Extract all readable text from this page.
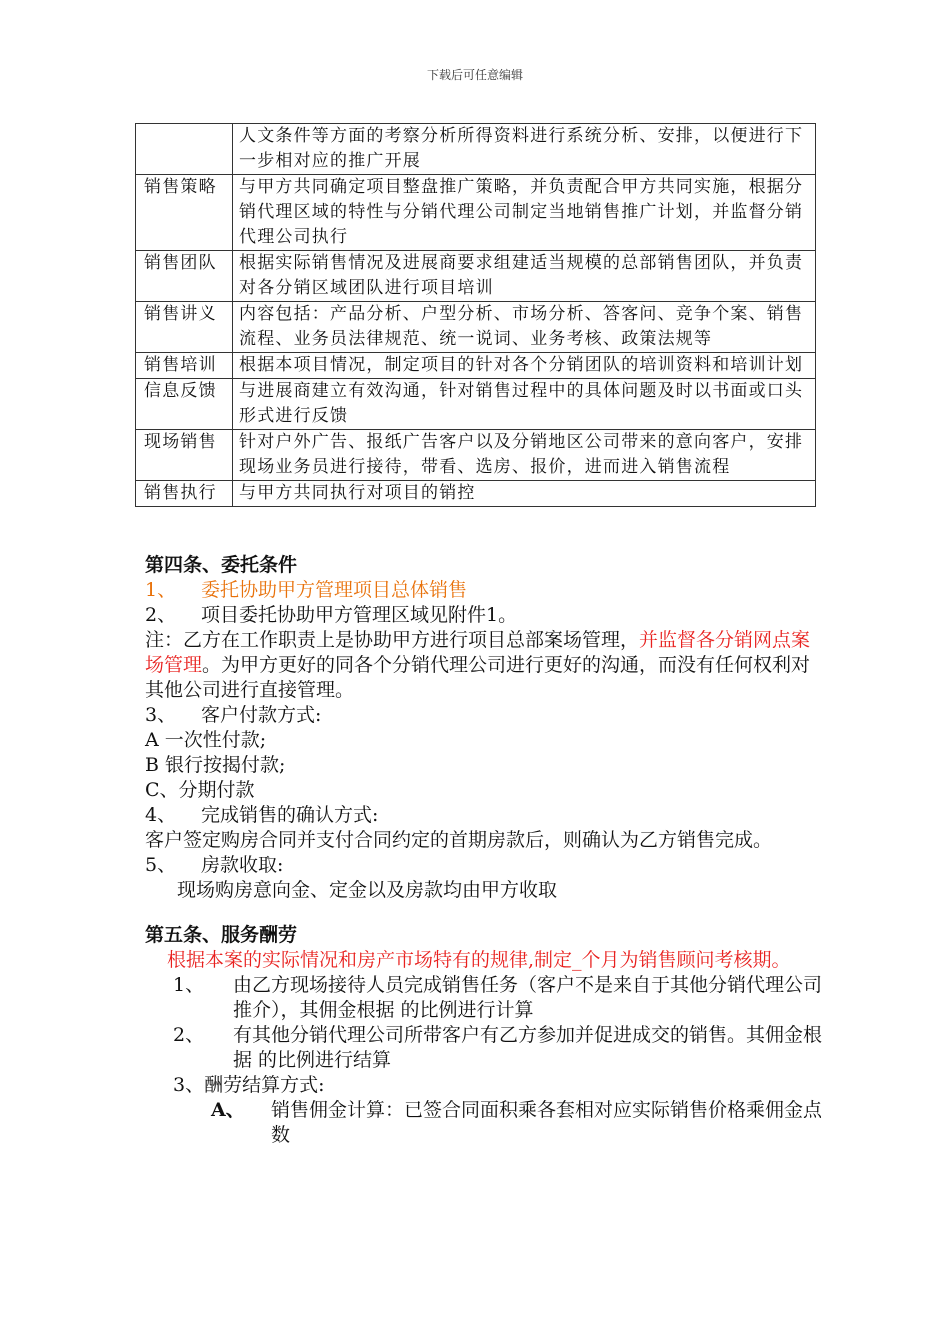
下载后可任意编辑
	人文条件等方面的考察分析所得资料进行系统分析、安排，以便进行下一步相对应的推广开展
销售策略	与甲方共同确定项目整盘推广策略，并负责配合甲方共同实施，根据分销代理区域的特性与分销代理公司制定当地销售推广计划，并监督分销代理公司执行
销售团队	根据实际销售情况及进展商要求组建适当规模的总部销售团队，并负责对各分销区域团队进行项目培训
销售讲义	内容包括：产品分析、户型分析、市场分析、答客问、竞争个案、销售流程、业务员法律规范、统一说词、业务考核、政策法规等
销售培训	根据本项目情况，制定项目的针对各个分销团队的培训资料和培训计划
信息反馈	与进展商建立有效沟通，针对销售过程中的具体问题及时以书面或口头形式进行反馈
现场销售	针对户外广告、报纸广告客户以及分销地区公司带来的意向客户，安排现场业务员进行接待，带看、选房、报价，进而进入销售流程
销售执行	与甲方共同执行对项目的销控

第四条、委托条件

1、 委托协助甲方管理项目总体销售

2、 项目委托协助甲方管理区域见附件1。

注：乙方在工作职责上是协助甲方进行项目总部案场管理，并监督各分销网点案场管理。为甲方更好的同各个分销代理公司进行更好的沟通，而没有任何权利对其他公司进行直接管理。

3、 客户付款方式:

A 一次性付款;

B 银行按揭付款;

C、分期付款

4、 完成销售的确认方式:

客户签定购房合同并支付合同约定的首期房款后，则确认为乙方销售完成。

5、 房款收取:

现场购房意向金、定金以及房款均由甲方收取

第五条、服务酬劳

根据本案的实际情况和房产市场特有的规律,制定_个月为销售顾问考核期。

1、	由乙方现场接待人员完成销售任务（客户不是来自于其他分销代理公司推介），其佣金根据 的比例进行计算
2、	有其他分销代理公司所带客户有乙方参加并促进成交的销售。其佣金根据 的比例进行结算

3、酬劳结算方式:

A、	销售佣金计算：已签合同面积乘各套相对应实际销售价格乘佣金点数
